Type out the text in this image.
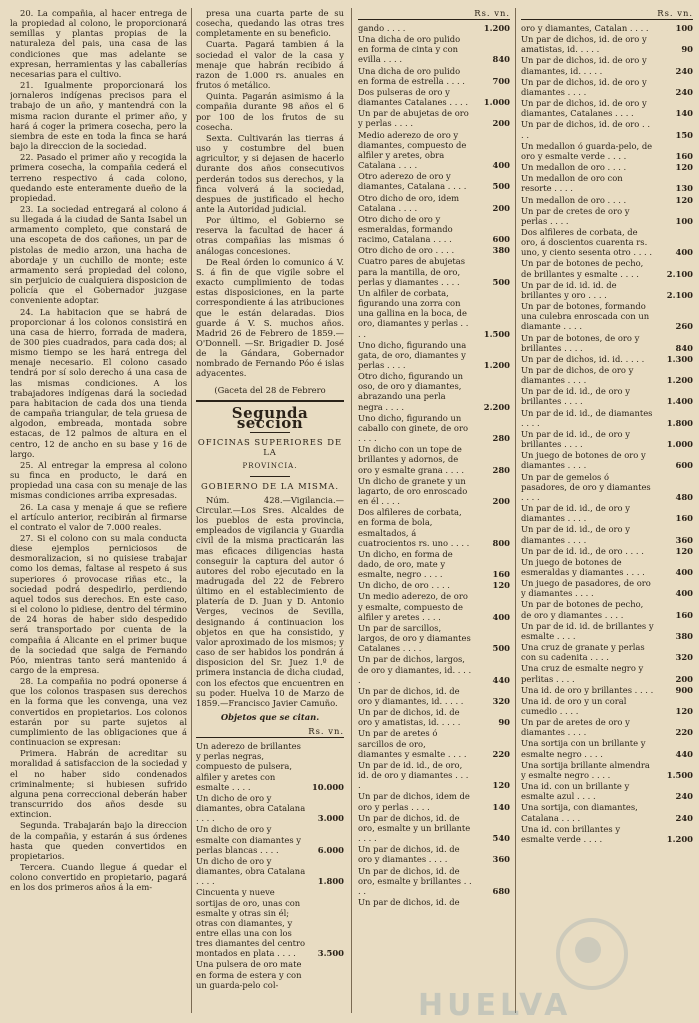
20. La compañia, al hacer entrega de la propiedad al colono, le proporcionará semillas y plantas propias de la naturaleza del pais, una casa de las condiciones que mas adelante se expresan, herramientas y las caballerías necesarias para el cultivo.

21. Igualmente proporcionará los jornaleros indígenas precisos para el trabajo de un año, y mantendrá con la misma racion durante el primer año, y hará á coger la primera cosecha, pero la siembra de este en toda la finca se hará bajo la direccion de la sociedad.

22. Pasado el primer año y recogida la primera cosecha, la compañia cederá el terreno respectivo á cada colono, quedando este enteramente dueño de la propiedad.

23. La sociedad entregará al colono á su llegada á la ciudad de Santa Isabel un armamento completo, que constará de una escopeta de dos cañones, un par de pistolas de medio arzon, una hacha de abordaje y un cuchillo de monte; este armamento será propiedad del colono, sin perjuicio de cualquiera disposicion de policía que el Gobernador juzgase conveniente adoptar.

24. La habitacion que se habrá de proporcionar á los colonos consistirá en una casa de hierro, forrada de madera, de 300 pies cuadrados, para cada dos; al mismo tiempo se les hará entrega del menaje necesario. El colono casado tendrá por sí solo derecho á una casa de las mismas condiciones. A los trabajadores indígenas dará la sociedad para habitacion de cada dos una tienda de campaña triangular, de tela gruesa de algodon, embreada, montada sobre estacas, de 12 palmos de altura en el centro, 12 de ancho en su base y 16 de largo.

25. Al entregar la empresa al colono su finca en producto, le dará en propiedad una casa con su menaje de las mismas condiciones arriba expresadas.

26. La casa y menaje á que se refiere el artículo anterior, recibirán al firmarse el contrato el valor de 7.000 reales.

27. Si el colono con su mala conducta diese ejemplos perniciosos de desmoralizacion, si no quisiese trabajar como los demas, faltase al respeto á sus superiores ó provocase riñas etc., la sociedad podrá despedirlo, perdiendo aquel todos sus derechos. En este caso, si el colono lo pidiese, dentro del término de 24 horas de haber sido despedido será transportado por cuenta de la compañia á Alicante en el primer buque de la sociedad que salga de Fernando Póo, mientras tanto será mantenido á cargo de la empresa.

28. La compañia no podrá oponerse á que los colonos traspasen sus derechos en la forma que les convenga, una vez convertidos en propietarios. Los colonos estarán por su parte sujetos al cumplimiento de las obligaciones que á continuacion se expresan:

Primera. Habrán de acreditar su moralidad á satisfaccion de la sociedad y el no haber sido condenados criminalmente; si hubiesen sufrido alguna pena correccional deberán haber transcurrido dos años desde su extincion.

Segunda. Trabajarán bajo la direccion de la compañia, y estarán á sus órdenes hasta que queden convertidos en propietarios.

Tercera. Cuando llegue á quedar el colono convertido en propietario, pagará en los dos primeros años á la em-

presa una cuarta parte de su cosecha, quedando las otras tres completamente en su beneficio.

Cuarta. Pagará tambien á la sociedad el valor de la casa y menaje que habrán recibido á razon de 1.000 rs. anuales en frutos ó metálico.

Quinta. Pagarán asimismo á la compañia durante 98 años el 6 por 100 de los frutos de su cosecha.

Sexta. Cultivarán las tierras á uso y costumbre del buen agricultor, y si dejasen de hacerlo durante dos años consecutivos perderán todos sus derechos, y la finca volverá á la sociedad, despues de justificado el hecho ante la Autoridad judicial.

Por último, el Gobierno se reserva la facultad de hacer á otras compañias las mismas ó análogas concesiones.

De Real órden lo comunico á V. S. á fin de que vigile sobre el exacto cumplimiento de todas estas disposiciones, en la parte correspondiente á las atribuciones que le están delaradas. Dios guarde á V. S. muchos años. Madrid 26 de Febrero de 1859.—O'Donnell. —Sr. Brigadier D. José de la Gándara, Gobernador nombrado de Fernando Póo é islas adyacentes.

(Gaceta del 28 de Febrero

Segunda seccion
OFICINAS SUPERIORES DE LA
PROVINCIA.
GOBIERNO DE LA MISMA.

Núm. 428.—Vigilancia.—Circular.—Los Sres. Alcaldes de los pueblos de esta provincia, empleados de vigilancia y Guardia civil de la misma practicarán las mas eficaces diligencias hasta conseguir la captura del autor ó autores del robo ejecutado en la madrugada del 22 de Febrero último en el establecimiento de platería de D. Juan y D. Antonio Verges, vecinos de Sevilla, designando á continuacion los objetos en que ha consistido, y valor aproximado de los mismos; y caso de ser habidos los pondrán á disposicion del Sr. Juez 1.º de primera instancia de dicha ciudad, con los efectos que encuentren en su poder. Huelva 10 de Marzo de 1859.—Francisco Javier Camuño.

Objetos que se citan.

Rs. vn.
Un aderezo de brillantes y perlas negras, compuesto de pulsera, alfiler y aretes con esmalte . . . .	10.000
Un dicho de oro y diamantes, obra Catalana . . . .	3.000
Un dicho de oro y esmalte con diamantes y perlas blancas . . . .	6.000
Un dicho de oro y diamantes, obra Catalana . . . .	1.800
Cincuenta y nueve sortijas de oro, unas con esmalte y otras sin él; otras con diamantes, y entre ellas una con los tres diamantes del centro montados en plata . . . .	3.500
Una pulsera de oro mate en forma de estera y con un guarda-pelo col-
Rs. vn.
gando . . . .	1.200
Una dicha de oro pulido en forma de cinta y con evilla . . . .	840
Una dicha de oro pulido en forma de estrella . . . .	700
Dos pulseras de oro y diamantes Catalanes . . . .	1.000
Un par de abujetas de oro y perlas . . . .	200
Medio aderezo de oro y diamantes, compuesto de alfiler y aretes, obra Catalana . . . .	400
Otro aderezo de oro y diamantes, Catalana . . . .	500
Otro dicho de oro, idem Catalana . . . .	200
Otro dicho de oro y esmeraldas, formando racimo, Catalana . . . .	600
Otro dicho de oro . . . .	380
Cuatro pares de abujetas para la mantilla, de oro, perlas y diamantes . . . .	500
Un alfiler de corbata, figurando una zorra con una gallina en la boca, de oro, diamantes y perlas . . . .	1.500
Uno dicho, figurando una gata, de oro, diamantes y perlas . . . .	1.200
Otro dicho, figurando un oso, de oro y diamantes, abrazando una perla negra . . . .	2.200
Uno dicho, figurando un caballo con ginete, de oro . . . .	280
Un dicho con un tope de brillantes y adornos, de oro y esmalte grana . . . .	280
Un dicho de granete y un lagarto, de oro enroscado en él . . . .	200
Dos alfileres de corbata, en forma de bola, esmaltados, á cuatrocientos rs. uno . . . .	800
Un dicho, en forma de dado, de oro, mate y esmalte, negro . . . .	160
Un dicho, de oro . . . .	120
Un medio aderezo, de oro y esmalte, compuesto de alfiler y aretes . . . .	400
Un par de sarcillos, largos, de oro y diamantes Catalanes . . . .	500
Un par de dichos, largos, de oro y diamantes, id. . . . .	440
Un par de dichos, id. de oro y diamantes, id. . . . .	320
Un par de dichos, id. de oro y amatistas, id. . . . .	90
Un par de aretes ó sarcillos de oro, diamantes y esmalte . . . .	220
Un par de id. id., de oro, id. de oro y diamantes . . . .	120
Un par de dichos, idem de oro y perlas . . . .	140
Un par de dichos, id. de oro, esmalte y un brillante . . . .	540
Un par de dichos, id. de oro y diamantes . . . .	360
Un par de dichos, id. de oro, esmalte y brillantes . . . .	680
Un par de dichos, id. de
Rs. vn.
oro y diamantes, Catalan . . . .	100
Un par de dichos, id. de oro y amatistas, id. . . . .	90
Un par de dichos, id. de oro y diamantes, id. . . . .	240
Un par de dichos, id. de oro y diamantes . . . .	240
Un par de dichos, id. de oro y diamantes, Catalanes . . . .	140
Un par de dichos, id. de oro . . . .	150
Un medallon ó guarda-pelo, de oro y esmalte verde . . . .	160
Un medallon de oro . . . .	120
Un medallon de oro con resorte . . . .	130
Un medallon de oro . . . .	120
Un par de cretes de oro y perlas . . . .	100
Dos alfileres de corbata, de oro, á doscientos cuarenta rs. uno, y ciento sesenta otro . . . .	400
Un par de botones de pecho, de brillantes y esmalte . . . .	2.100
Un par de id. id. id. de brillantes y oro . . . .	2.100
Un par de botones, formando una culebra enroscada con un diamante . . . .	260
Un par de botones, de oro y brillantes . . . .	840
Un par de dichos, id. id. . . . .	1.300
Un par de dichos, de oro y diamantes . . . .	1.200
Un par de id. id., de oro y brillantes . . . .	1.400
Un par de id. id., de diamantes . . . .	1.800
Un par de id. id., de oro y brillantes . . . .	1.000
Un juego de botones de oro y diamantes . . . .	600
Un par de gemelos ó pasadores, de oro y diamantes . . . .	480
Un par de id. id., de oro y diamantes . . . .	160
Un par de id. id., de oro y diamantes . . . .	360
Un par de id. id., de oro . . . .	120
Un juego de botones de esmeraldas y diamantes . . . .	400
Un juego de pasadores, de oro y diamantes . . . .	400
Un par de botones de pecho, de oro y diamantes . . . .	160
Un par de id. id. de brillantes y esmalte . . . .	380
Una cruz de granate y perlas con su cadenita . . . .	320
Una cruz de esmalte negro y perlitas . . . .	200
Una id. de oro y brillantes . . . .	900
Una id. de oro y un coral cumedio . . . .	120
Un par de aretes de oro y diamantes . . . .	220
Una sortija con un brillante y esmalte negro . . . .	440
Una sortija brillante almendra y esmalte negro . . . .	1.500
Una id. con un brillante y esmalte azul . . . .	240
Una sortija, con diamantes, Catalana . . . .	240
Una id. con brillantes y esmalte verde . . . .	1.200
HUELVA
